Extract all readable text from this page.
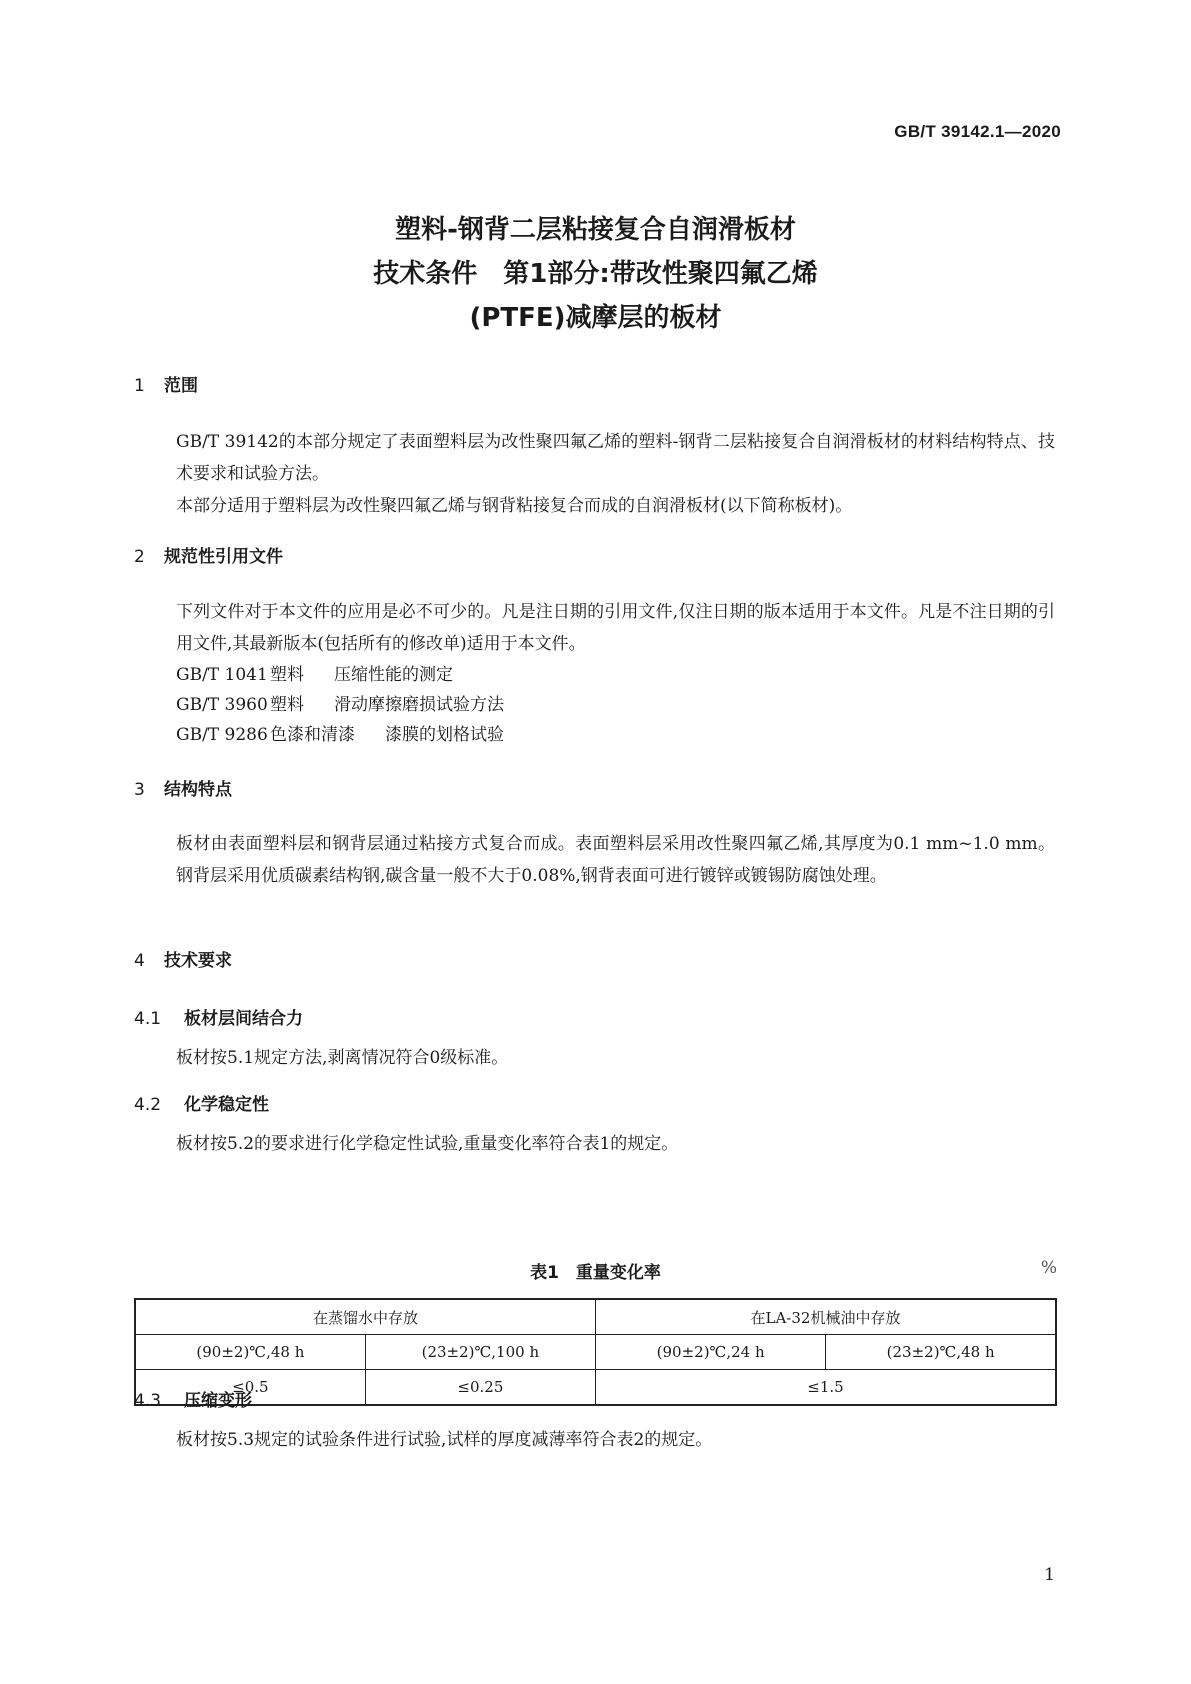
GB/T 39142.1—2020
塑料-钢背二层粘接复合自润滑板材
技术条件　第1部分:带改性聚四氟乙烯
(PTFE)减摩层的板材
1 范围
GB/T 39142的本部分规定了表面塑料层为改性聚四氟乙烯的塑料-钢背二层粘接复合自润滑板材的材料结构特点、技术要求和试验方法。
本部分适用于塑料层为改性聚四氟乙烯与钢背粘接复合而成的自润滑板材(以下简称板材)。
2 规范性引用文件
下列文件对于本文件的应用是必不可少的。凡是注日期的引用文件,仅注日期的版本适用于本文件。凡是不注日期的引用文件,其最新版本(包括所有的修改单)适用于本文件。
GB/T 1041 塑料 压缩性能的测定
GB/T 3960 塑料 滑动摩擦磨损试验方法
GB/T 9286 色漆和清漆 漆膜的划格试验
3 结构特点
板材由表面塑料层和钢背层通过粘接方式复合而成。表面塑料层采用改性聚四氟乙烯,其厚度为0.1 mm~1.0 mm。钢背层采用优质碳素结构钢,碳含量一般不大于0.08%,钢背表面可进行镀锌或镀锡防腐蚀处理。
4 技术要求
4.1 板材层间结合力
板材按5.1规定方法,剥离情况符合0级标准。
4.2 化学稳定性
板材按5.2的要求进行化学稳定性试验,重量变化率符合表1的规定。
表1　重量变化率	%
在蒸馏水中存放		在LA-32机械油中存放	
(90±2)℃,48 h	(23±2)℃,100 h	(90±2)℃,24 h	(23±2)℃,48 h
≤0.5	≤0.25	≤1.5	
4.3 压缩变形
板材按5.3规定的试验条件进行试验,试样的厚度减薄率符合表2的规定。
1
